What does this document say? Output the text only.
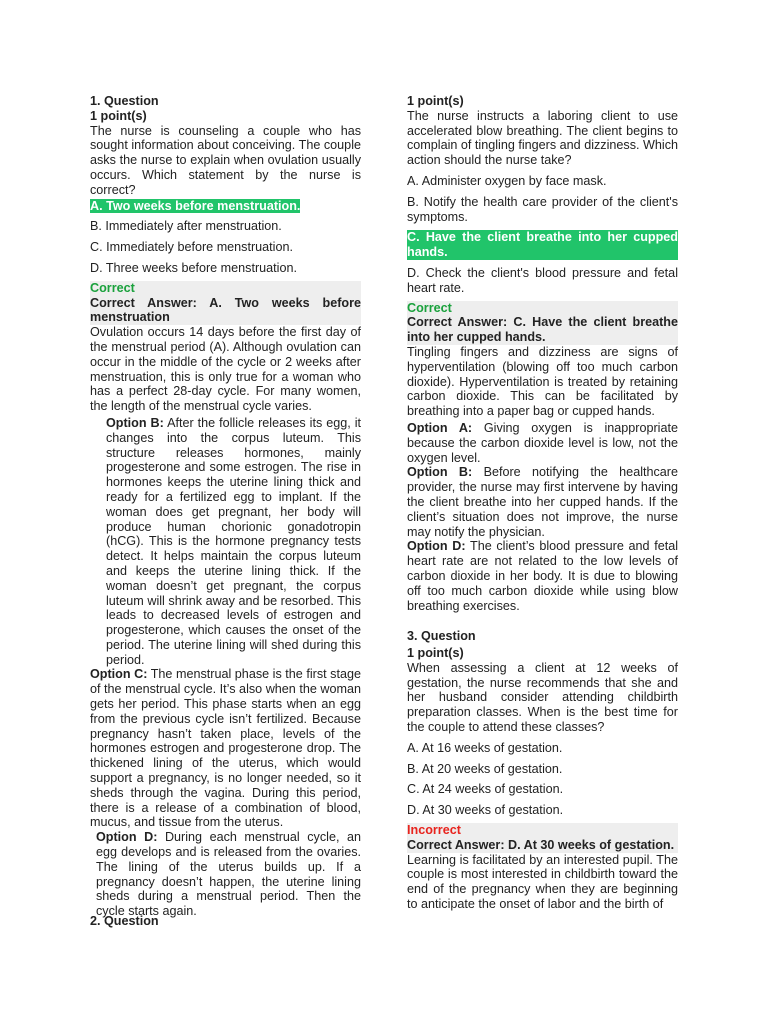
1. Question

1 point(s)

The nurse is counseling a couple who has sought information about conceiving. The couple asks the nurse to explain when ovulation usually occurs. Which statement by the nurse is correct?

A. Two weeks before menstruation.

B. Immediately after menstruation.

C. Immediately before menstruation.

D. Three weeks before menstruation.

Correct

Correct Answer: A. Two weeks before menstruation

Ovulation occurs 14 days before the first day of the menstrual period (A). Although ovulation can occur in the middle of the cycle or 2 weeks after menstruation, this is only true for a woman who has a perfect 28-day cycle. For many women, the length of the menstrual cycle varies.

Option B: After the follicle releases its egg, it changes into the corpus luteum. This structure releases hormones, mainly progesterone and some estrogen. The rise in hormones keeps the uterine lining thick and ready for a fertilized egg to implant. If the woman does get pregnant, her body will produce human chorionic gonadotropin (hCG). This is the hormone pregnancy tests detect. It helps maintain the corpus luteum and keeps the uterine lining thick. If the woman doesn’t get pregnant, the corpus luteum will shrink away and be resorbed. This leads to decreased levels of estrogen and progesterone, which causes the onset of the period. The uterine lining will shed during this period.

Option C: The menstrual phase is the first stage of the menstrual cycle. It’s also when the woman gets her period. This phase starts when an egg from the previous cycle isn’t fertilized. Because pregnancy hasn’t taken place, levels of the hormones estrogen and progesterone drop. The thickened lining of the uterus, which would support a pregnancy, is no longer needed, so it sheds through the vagina. During this period, there is a release of a combination of blood, mucus, and tissue from the uterus.

Option D: During each menstrual cycle, an egg develops and is released from the ovaries. The lining of the uterus builds up. If a pregnancy doesn’t happen, the uterine lining sheds during a menstrual period. Then the cycle starts again.

2. Question

1 point(s)

The nurse instructs a laboring client to use accelerated blow breathing. The client begins to complain of tingling fingers and dizziness. Which action should the nurse take?

A. Administer oxygen by face mask.

B. Notify the health care provider of the client's symptoms.

C. Have the client breathe into her cupped hands.

D. Check the client's blood pressure and fetal heart rate.

Correct

Correct Answer: C. Have the client breathe into her cupped hands.

Tingling fingers and dizziness are signs of hyperventilation (blowing off too much carbon dioxide). Hyperventilation is treated by retaining carbon dioxide. This can be facilitated by breathing into a paper bag or cupped hands.

Option A: Giving oxygen is inappropriate because the carbon dioxide level is low, not the oxygen level.

Option B: Before notifying the healthcare provider, the nurse may first intervene by having the client breathe into her cupped hands. If the client’s situation does not improve, the nurse may notify the physician.

Option D: The client’s blood pressure and fetal heart rate are not related to the low levels of carbon dioxide in her body. It is due to blowing off too much carbon dioxide while using blow breathing exercises.

3. Question

1 point(s)

When assessing a client at 12 weeks of gestation, the nurse recommends that she and her husband consider attending childbirth preparation classes. When is the best time for the couple to attend these classes?

A. At 16 weeks of gestation.

B. At 20 weeks of gestation.

C. At 24 weeks of gestation.

D. At 30 weeks of gestation.

Incorrect

Correct Answer: D. At 30 weeks of gestation.

Learning is facilitated by an interested pupil. The couple is most interested in childbirth toward the end of the pregnancy when they are beginning to anticipate the onset of labor and the birth of
